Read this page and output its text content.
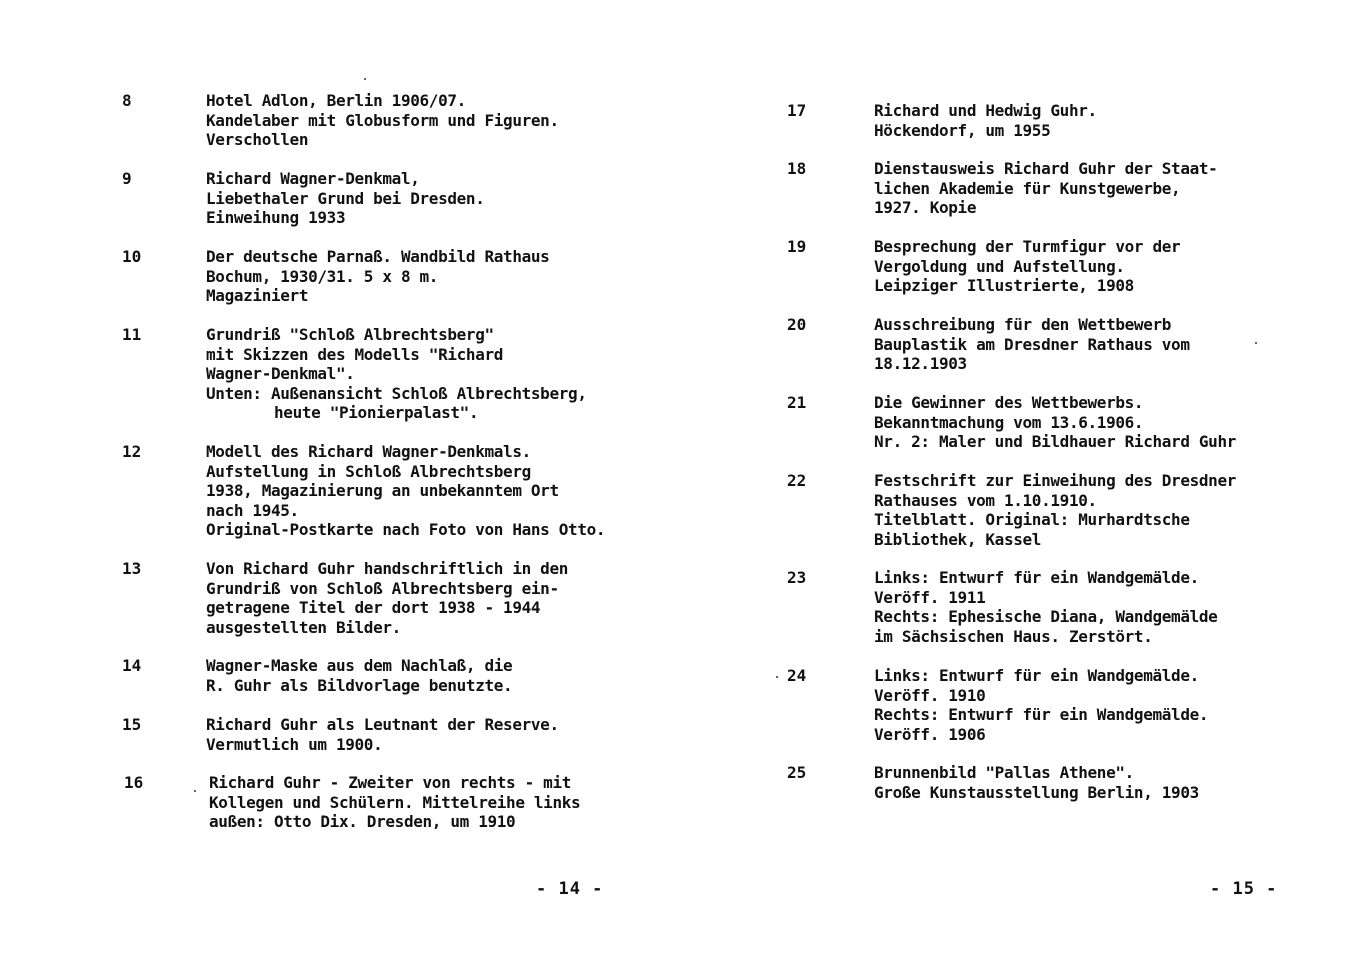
8	Hotel Adlon, Berlin 1906/07.
Kandelaber mit Globusform und Figuren.
Verschollen
9	Richard Wagner-Denkmal,
Liebethaler Grund bei Dresden.
Einweihung 1933
10	Der deutsche Parnaß. Wandbild Rathaus
Bochum, 1930/31. 5 x 8 m.
Magaziniert
11	Grundriß "Schloß Albrechtsberg"
mit Skizzen des Modells "Richard
Wagner-Denkmal".
Unten: Außenansicht Schloß Albrechtsberg,
heute "Pionierpalast".
12	Modell des Richard Wagner-Denkmals.
Aufstellung in Schloß Albrechtsberg
1938, Magazinierung an unbekanntem Ort
nach 1945.
Original-Postkarte nach Foto von Hans Otto.
13	Von Richard Guhr handschriftlich in den
Grundriß von Schloß Albrechtsberg ein-
getragene Titel der dort 1938 - 1944
ausgestellten Bilder.
14	Wagner-Maske aus dem Nachlaß, die
R. Guhr als Bildvorlage benutzte.
15	Richard Guhr als Leutnant der Reserve.
Vermutlich um 1900.
16	Richard Guhr - Zweiter von rechts - mit
Kollegen und Schülern. Mittelreihe links
außen: Otto Dix. Dresden, um 1910
- 14 -
17	Richard und Hedwig Guhr.
Höckendorf, um 1955
18	Dienstausweis Richard Guhr der Staat-
lichen Akademie für Kunstgewerbe,
1927. Kopie
19	Besprechung der Turmfigur vor der
Vergoldung und Aufstellung.
Leipziger Illustrierte, 1908
20	Ausschreibung für den Wettbewerb
Bauplastik am Dresdner Rathaus vom
18.12.1903
21	Die Gewinner des Wettbewerbs.
Bekanntmachung vom 13.6.1906.
Nr. 2: Maler und Bildhauer Richard Guhr
22	Festschrift zur Einweihung des Dresdner
Rathauses vom 1.10.1910.
Titelblatt. Original: Murhardtsche
Bibliothek, Kassel
23	Links: Entwurf für ein Wandgemälde.
Veröff. 1911
Rechts: Ephesische Diana, Wandgemälde
im Sächsischen Haus. Zerstört.
24	Links: Entwurf für ein Wandgemälde.
Veröff. 1910
Rechts: Entwurf für ein Wandgemälde.
Veröff. 1906
25	Brunnenbild "Pallas Athene".
Große Kunstausstellung Berlin, 1903
- 15 -
